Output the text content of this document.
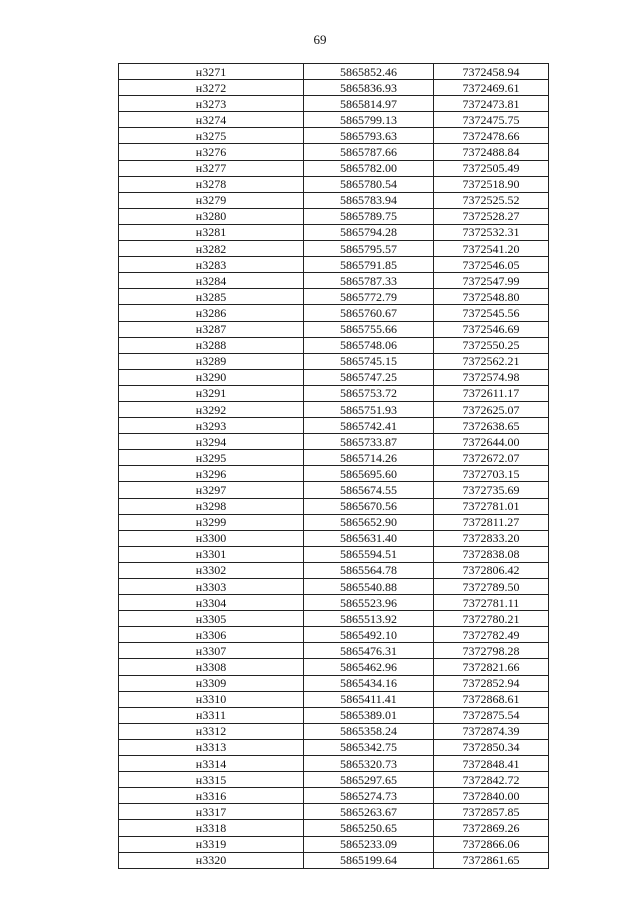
69
н3271	5865852.46	7372458.94
н3272	5865836.93	7372469.61
н3273	5865814.97	7372473.81
н3274	5865799.13	7372475.75
н3275	5865793.63	7372478.66
н3276	5865787.66	7372488.84
н3277	5865782.00	7372505.49
н3278	5865780.54	7372518.90
н3279	5865783.94	7372525.52
н3280	5865789.75	7372528.27
н3281	5865794.28	7372532.31
н3282	5865795.57	7372541.20
н3283	5865791.85	7372546.05
н3284	5865787.33	7372547.99
н3285	5865772.79	7372548.80
н3286	5865760.67	7372545.56
н3287	5865755.66	7372546.69
н3288	5865748.06	7372550.25
н3289	5865745.15	7372562.21
н3290	5865747.25	7372574.98
н3291	5865753.72	7372611.17
н3292	5865751.93	7372625.07
н3293	5865742.41	7372638.65
н3294	5865733.87	7372644.00
н3295	5865714.26	7372672.07
н3296	5865695.60	7372703.15
н3297	5865674.55	7372735.69
н3298	5865670.56	7372781.01
н3299	5865652.90	7372811.27
н3300	5865631.40	7372833.20
н3301	5865594.51	7372838.08
н3302	5865564.78	7372806.42
н3303	5865540.88	7372789.50
н3304	5865523.96	7372781.11
н3305	5865513.92	7372780.21
н3306	5865492.10	7372782.49
н3307	5865476.31	7372798.28
н3308	5865462.96	7372821.66
н3309	5865434.16	7372852.94
н3310	5865411.41	7372868.61
н3311	5865389.01	7372875.54
н3312	5865358.24	7372874.39
н3313	5865342.75	7372850.34
н3314	5865320.73	7372848.41
н3315	5865297.65	7372842.72
н3316	5865274.73	7372840.00
н3317	5865263.67	7372857.85
н3318	5865250.65	7372869.26
н3319	5865233.09	7372866.06
н3320	5865199.64	7372861.65
